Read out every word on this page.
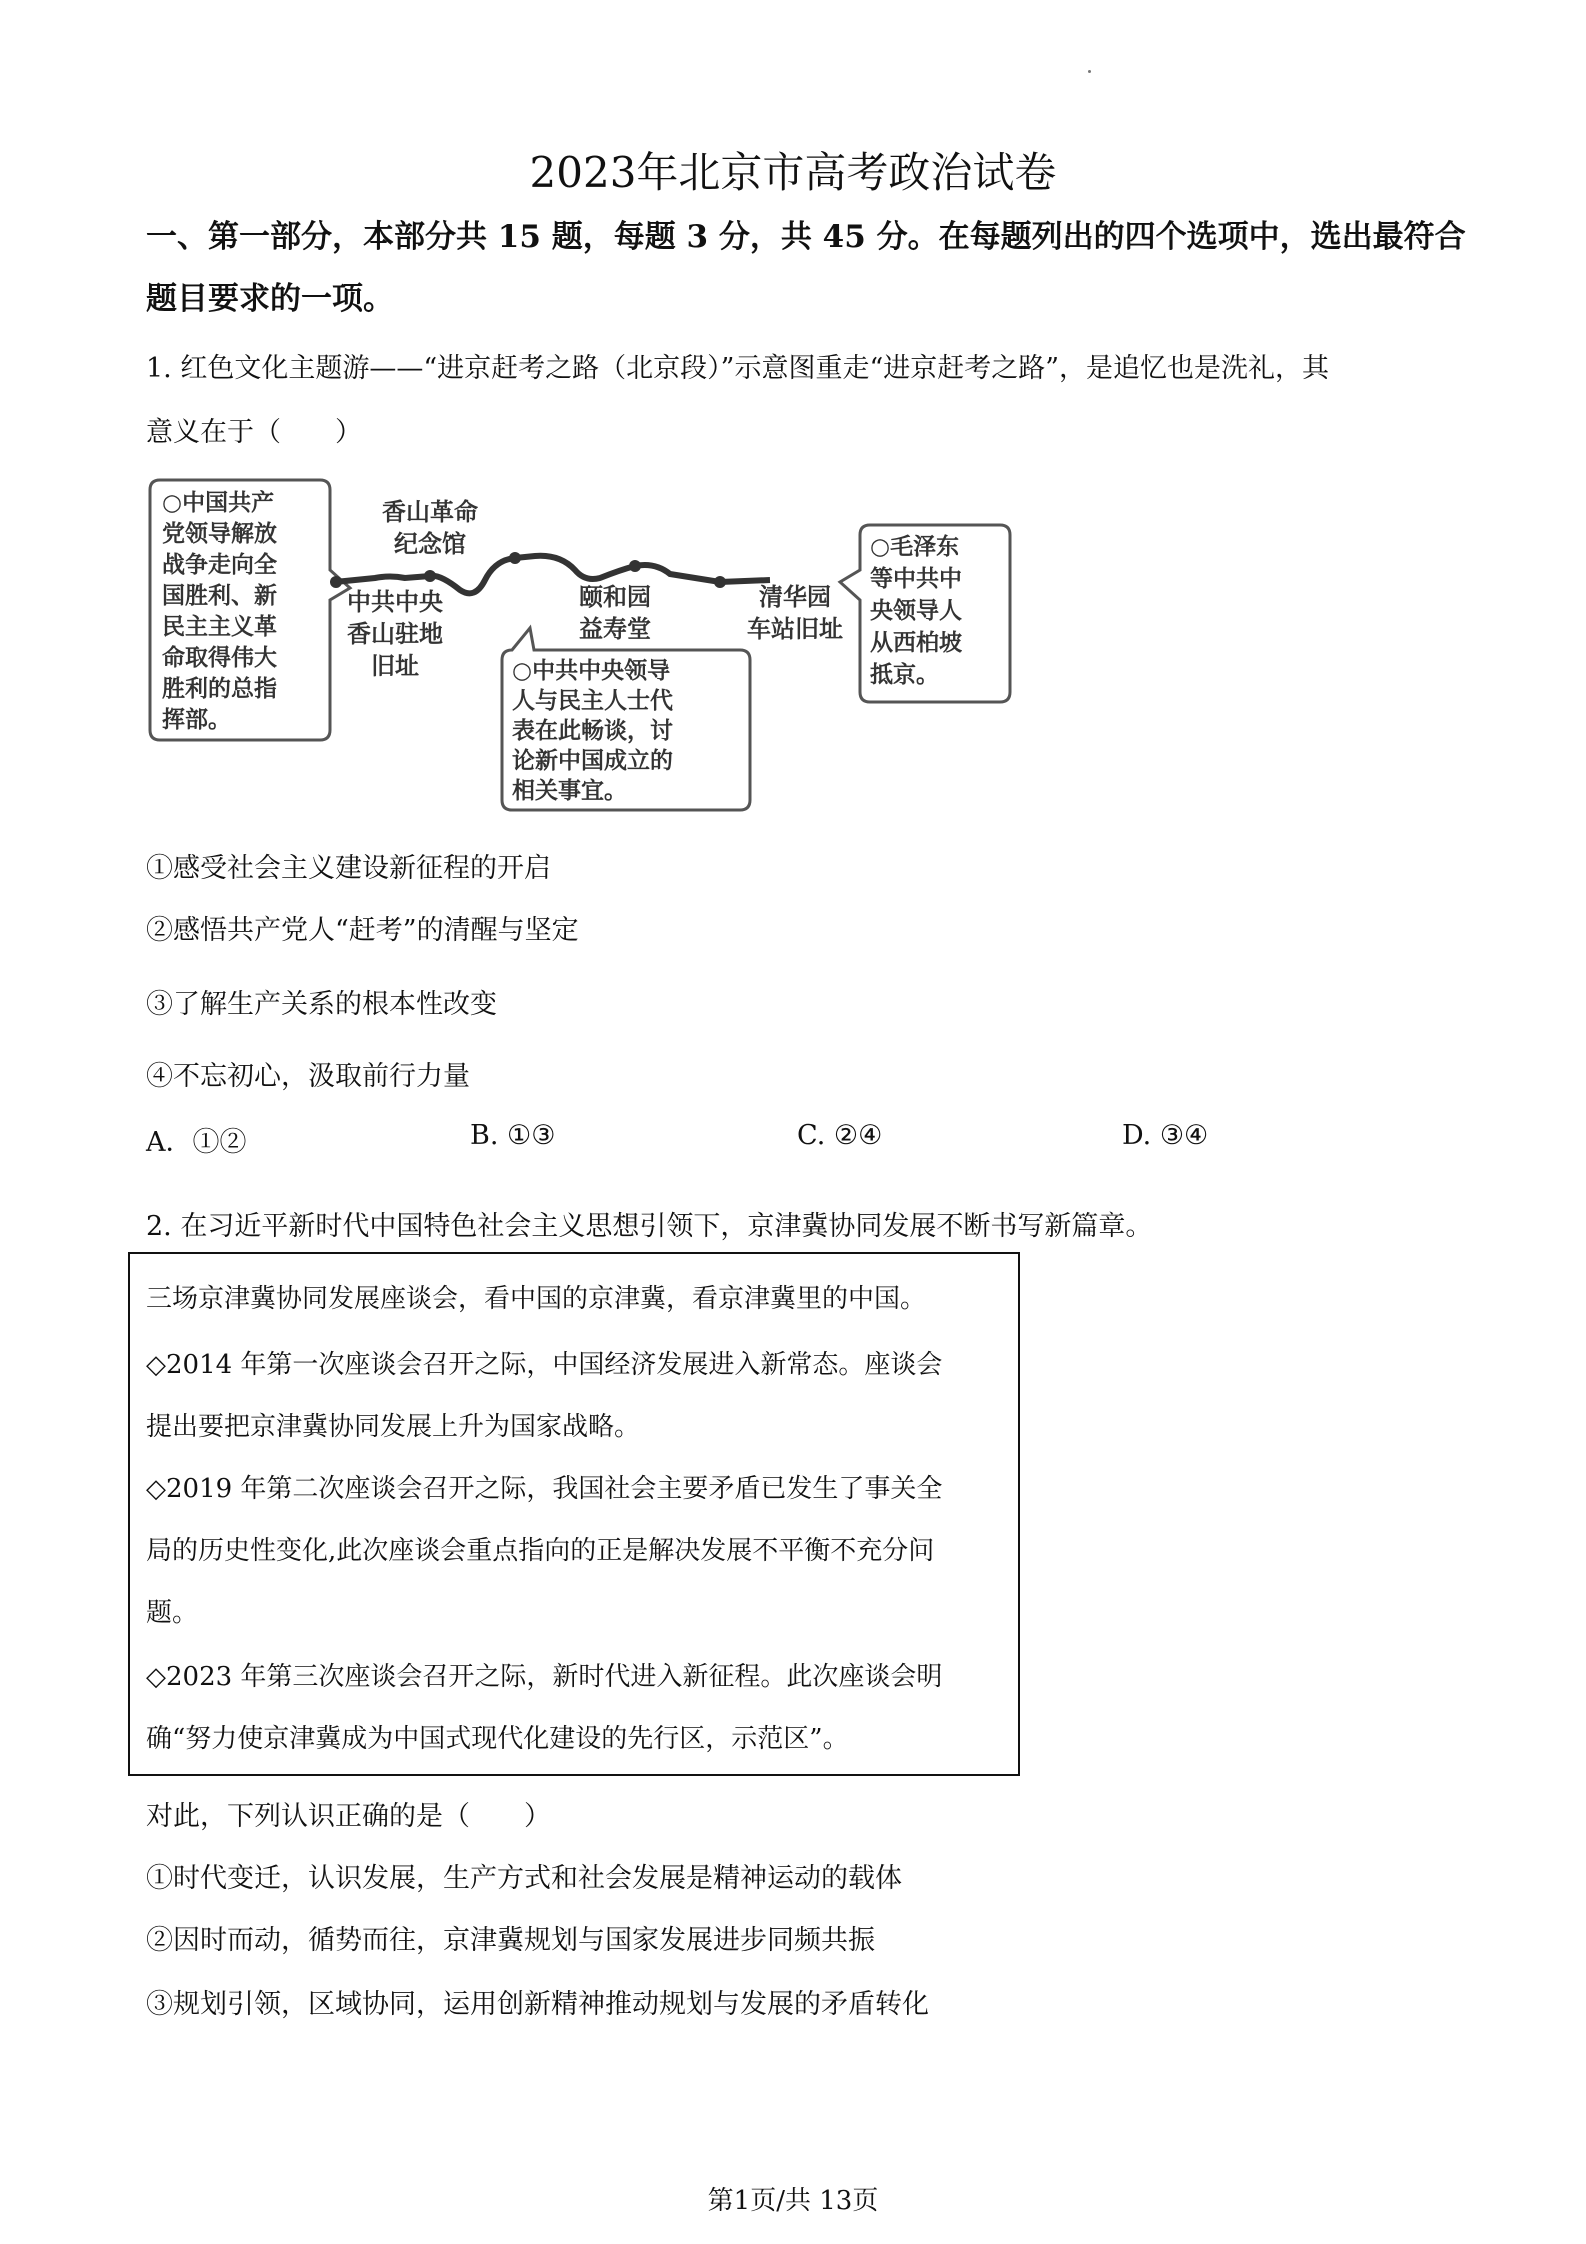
2023年北京市高考政治试卷
一、第一部分，本部分共 15 题，每题 3 分，共 45 分。在每题列出的四个选项中，选出最符合
题目要求的一项。
1. 红色文化主题游——“进京赶考之路（北京段）”示意图重走“进京赶考之路”，是追忆也是洗礼，其
意义在于（　　）
○中国共产
党领导解放
战争走向全
国胜利、新
民主主义革
命取得伟大
胜利的总指
挥部。
香山革命
纪念馆
中共中央
香山驻地
旧址
颐和园
益寿堂
清华园
车站旧址
○中共中央领导
人与民主人士代
表在此畅谈，讨
论新中国成立的
相关事宜。
○毛泽东
等中共中
央领导人
从西柏坡
抵京。
①感受社会主义建设新征程的开启
②感悟共产党人“赶考”的清醒与坚定
③了解生产关系的根本性改变
④不忘初心，汲取前行力量
A．①②	B. ①③	C. ②④	D. ③④
2. 在习近平新时代中国特色社会主义思想引领下，京津冀协同发展不断书写新篇章。
三场京津冀协同发展座谈会，看中国的京津冀，看京津冀里的中国。
◇2014 年第一次座谈会召开之际，中国经济发展进入新常态。座谈会
提出要把京津冀协同发展上升为国家战略。
◇2019 年第二次座谈会召开之际，我国社会主要矛盾已发生了事关全
局的历史性变化,此次座谈会重点指向的正是解决发展不平衡不充分问
题。
◇2023 年第三次座谈会召开之际，新时代进入新征程。此次座谈会明
确“努力使京津冀成为中国式现代化建设的先行区，示范区”。
对此，下列认识正确的是（　　）
①时代变迁，认识发展，生产方式和社会发展是精神运动的载体
②因时而动，循势而往，京津冀规划与国家发展进步同频共振
③规划引领，区域协同，运用创新精神推动规划与发展的矛盾转化
第1页/共 13页
